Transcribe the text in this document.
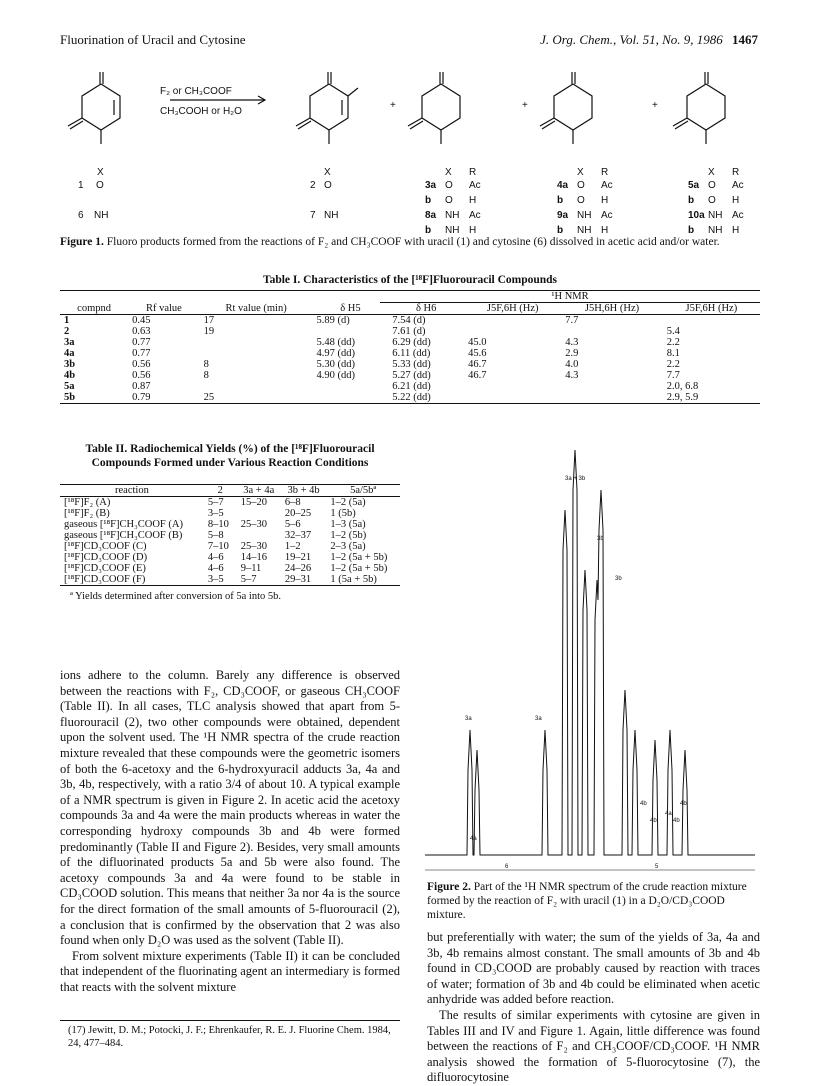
Fluorination of Uracil and Cytosine	J. Org. Chem., Vol. 51, No. 9, 1986 1467
F₂ or CH₃COOF
CH₃COOH or H₂O
+	+	+
X
1 O
6 NH
X
2 O
7 NH
X R
3a O Ac
b O H
8a NH Ac
b NH H
X R
4a O Ac
b O H
9a NH Ac
b NH H
X R
5a O Ac
b O H
10a NH Ac
b NH H
Figure 1. Fluoro products formed from the reactions of F₂ and CH₃COOF with uracil (1) and cytosine (6) dissolved in acetic acid and/or water.
Table I. Characteristics of the [¹⁸F]Fluorouracil Compounds
¹H NMR
compnd	Rf value	Rt value (min)	δ H5	δ H6	J5F,6H (Hz)	J5H,6H (Hz)	J5F,6H (Hz)
1	0.45	17	5.89 (d)	7.54 (d)		7.7	
2	0.63	19		7.61 (d)			5.4
3a	0.77		5.48 (dd)	6.29 (dd)	45.0	4.3	2.2
4a	0.77		4.97 (dd)	6.11 (dd)	45.6	2.9	8.1
3b	0.56	8	5.30 (dd)	5.33 (dd)	46.7	4.0	2.2
4b	0.56	8	4.90 (dd)	5.27 (dd)	46.7	4.3	7.7
5a	0.87			6.21 (dd)			2.0, 6.8
5b	0.79	25		5.22 (dd)			2.9, 5.9
Table II. Radiochemical Yields (%) of the [¹⁸F]Fluorouracil Compounds Formed under Various Reaction Conditions
reaction	2	3a + 4a	3b + 4b	5a/5bª
[¹⁸F]F₂ (A)	5–7	15–20	6–8	1–2 (5a)
[¹⁸F]F₂ (B)	3–5		20–25	1 (5b)
gaseous [¹⁸F]CH₃COOF (A)	8–10	25–30	5–6	1–3 (5a)
gaseous [¹⁸F]CH₃COOF (B)	5–8		32–37	1–2 (5b)
[¹⁸F]CD₃COOF (C)	7–10	25–30	1–2	2–3 (5a)
[¹⁸F]CD₃COOF (D)	4–6	14–16	19–21	1–2 (5a + 5b)
[¹⁸F]CD₃COOF (E)	4–6	9–11	24–26	1–2 (5a + 5b)
[¹⁸F]CD₃COOF (F)	3–5	5–7	29–31	1 (5a + 5b)
ª Yields determined after conversion of 5a into 5b.

ions adhere to the column. Barely any difference is observed between the reactions with F₂, CD₃COOF, or gaseous CH₃COOF (Table II). In all cases, TLC analysis showed that apart from 5-fluorouracil (2), two other compounds were obtained, dependent upon the solvent used. The ¹H NMR spectra of the crude reaction mixture revealed that these compounds were the geometric isomers of both the 6-acetoxy and the 6-hydroxyuracil adducts 3a, 4a and 3b, 4b, respectively, with a ratio 3/4 of about 10. A typical example of a NMR spectrum is given in Figure 2. In acetic acid the acetoxy compounds 3a and 4a were the main products whereas in water the corresponding hydroxy compounds 3b and 4b were formed predominantly (Table II and Figure 2). Besides, very small amounts of the difluorinated products 5a and 5b were also found. The acetoxy compounds 3a and 4a were found to be stable in CD₃COOD solution. This means that neither 3a nor 4a is the source for the direct formation of the small amounts of 5-fluorouracil (2), a conclusion that is confirmed by the observation that 2 was also found when only D₂O was used as the solvent (Table II).

From solvent mixture experiments (Table II) it can be concluded that independent of the fluorinating agent an intermediary is formed that reacts with the solvent mixture

(17) Jewitt, D. M.; Potocki, J. F.; Ehrenkaufer, R. E. J. Fluorine Chem. 1984, 24, 477–484.
3a + 3b
3a	3a
3b
3b
4a
4a
4b	4b
4b	4b
6	5
Figure 2. Part of the ¹H NMR spectrum of the crude reaction mixture formed by the reaction of F₂ with uracil (1) in a D₂O/CD₃COOD mixture.

but preferentially with water; the sum of the yields of 3a, 4a and 3b, 4b remains almost constant. The small amounts of 3b and 4b found in CD₃COOD are probably caused by reaction with traces of water; formation of 3b and 4b could be eliminated when acetic anhydride was added before reaction.

The results of similar experiments with cytosine are given in Tables III and IV and Figure 1. Again, little difference was found between the reactions of F₂ and CH₃COOF/CD₃COOF. ¹H NMR analysis showed the formation of 5-fluorocytosine (7), the difluorocytosine
